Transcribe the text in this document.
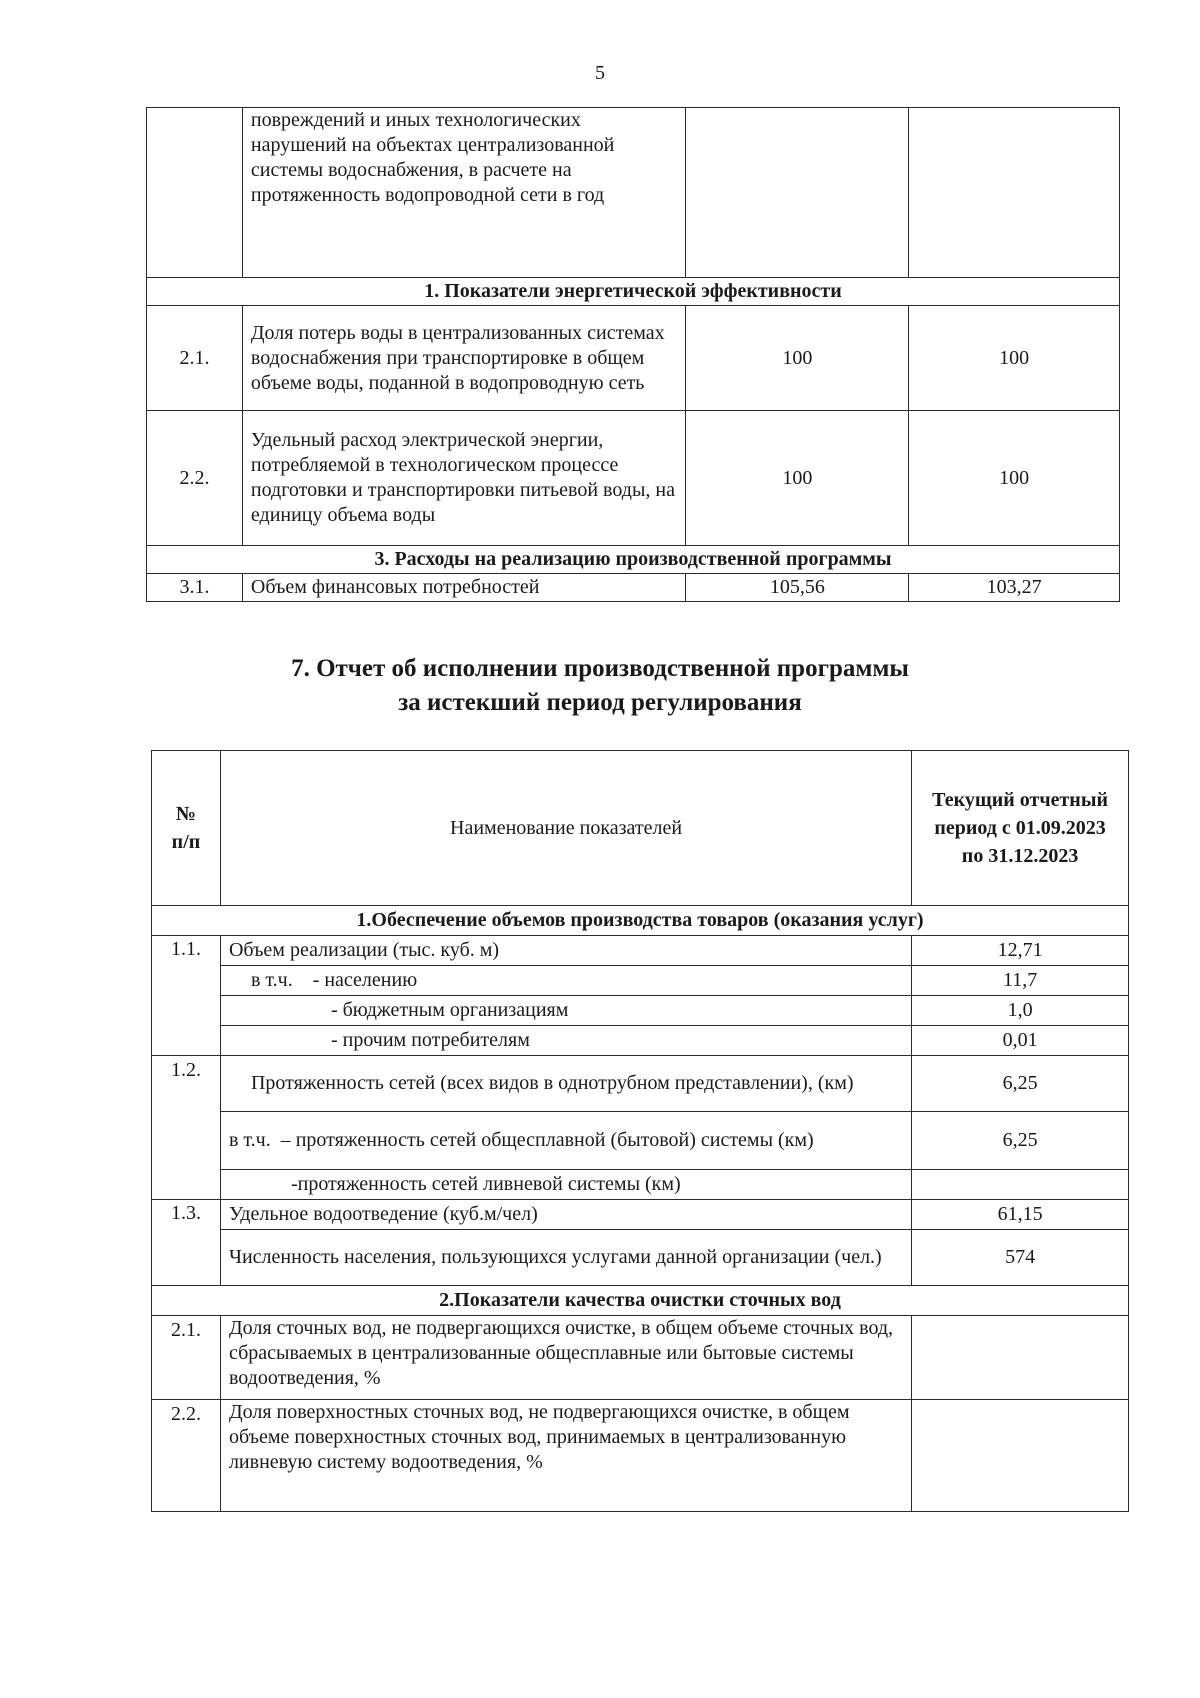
5
	повреждений и иных технологических нарушений на объектах централизованной системы водоснабжения, в расчете на протяженность водопроводной сети в год		
1. Показатели энергетической эффективности			
2.1.	Доля потерь воды в централизованных системах водоснабжения при транспортировке в общем объеме воды, поданной в водопроводную сеть	100	100
2.2.	Удельный расход электрической энергии, потребляемой в технологическом процессе подготовки и транспортировки питьевой воды, на единицу объема воды	100	100
3. Расходы на реализацию производственной программы			
3.1.	Объем финансовых потребностей	105,56	103,27
7. Отчет об исполнении производственной программы
за истекший период регулирования
№ п/п	Наименование показателей	Текущий отчетный период с 01.09.2023 по 31.12.2023
1.Обеспечение объемов производства товаров (оказания услуг)		
1.1.	Объем реализации (тыс. куб. м)	12,71
	в т.ч.    - населению	11,7
	- бюджетным организациям	1,0
	- прочим потребителям	0,01
1.2.	Протяженность сетей (всех видов в однотрубном представлении), (км)	6,25
	в т.ч.  – протяженность сетей общесплавной (бытовой) системы (км)	6,25
	-протяженность сетей ливневой системы (км)	
1.3.	Удельное водоотведение (куб.м/чел)	61,15
	Численность населения, пользующихся услугами данной организации (чел.)	574
2.Показатели качества очистки сточных вод		
2.1.	Доля сточных вод, не подвергающихся очистке, в общем объеме сточных вод, сбрасываемых в централизованные общесплавные или бытовые системы водоотведения, %	
2.2.	Доля поверхностных сточных вод, не подвергающихся очистке, в общем объеме поверхностных сточных вод, принимаемых в централизованную ливневую систему водоотведения, %	
